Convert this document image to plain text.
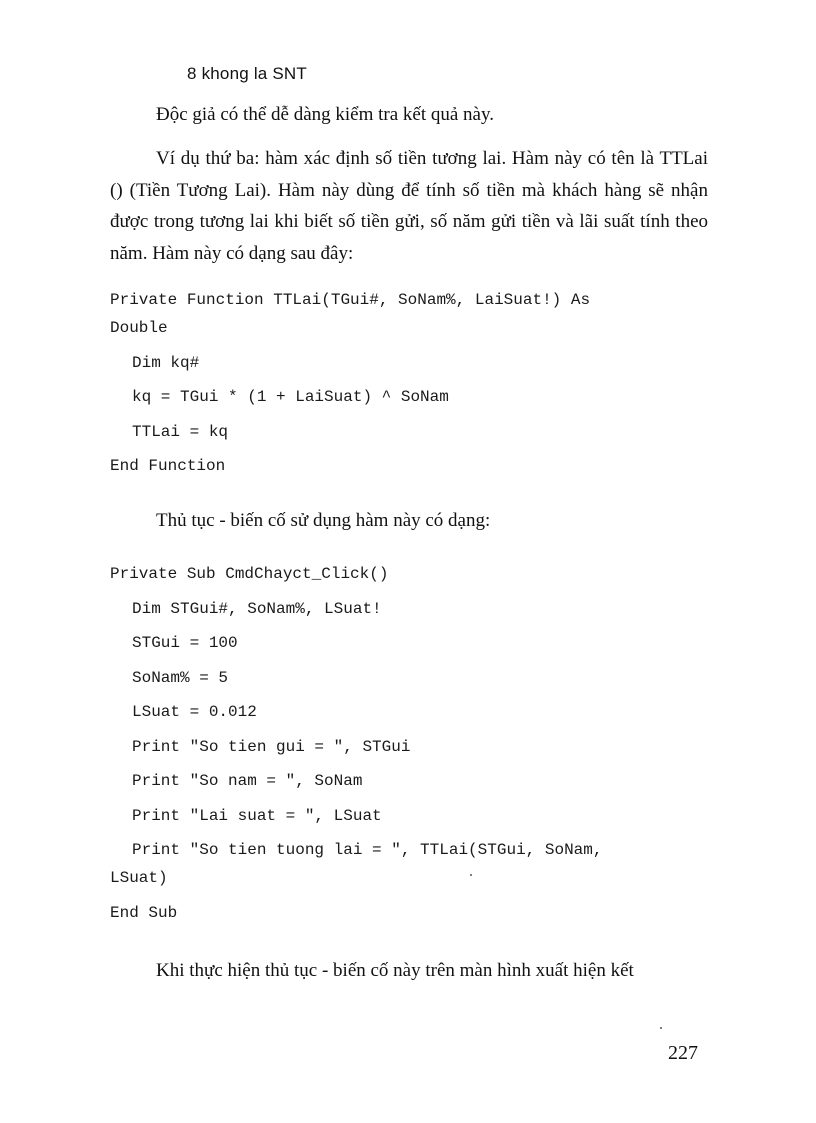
8 khong la SNT

Độc giả có thể dễ dàng kiểm tra kết quả này.

Ví dụ thứ ba: hàm xác định số tiền tương lai. Hàm này có tên là TTLai () (Tiền Tương Lai). Hàm này dùng để tính số tiền mà khách hàng sẽ nhận được trong tương lai khi biết số tiền gửi, số năm gửi tiền và lãi suất tính theo năm. Hàm này có dạng sau đây:

Private Function TTLai(TGui#, SoNam%, LaiSuat!) As
Double
Dim kq#
kq = TGui * (1 + LaiSuat) ^ SoNam
TTLai = kq
End Function

Thủ tục - biến cố sử dụng hàm này có dạng:

Private Sub CmdChayct_Click()
Dim STGui#, SoNam%, LSuat!
STGui = 100
SoNam% = 5
LSuat = 0.012
Print "So tien gui = ", STGui
Print "So nam = ", SoNam
Print "Lai suat = ", LSuat
Print "So tien tuong lai = ", TTLai(STGui, SoNam,
LSuat)
End Sub

Khi thực hiện thủ tục - biến cố này trên màn hình xuất hiện kết

227
